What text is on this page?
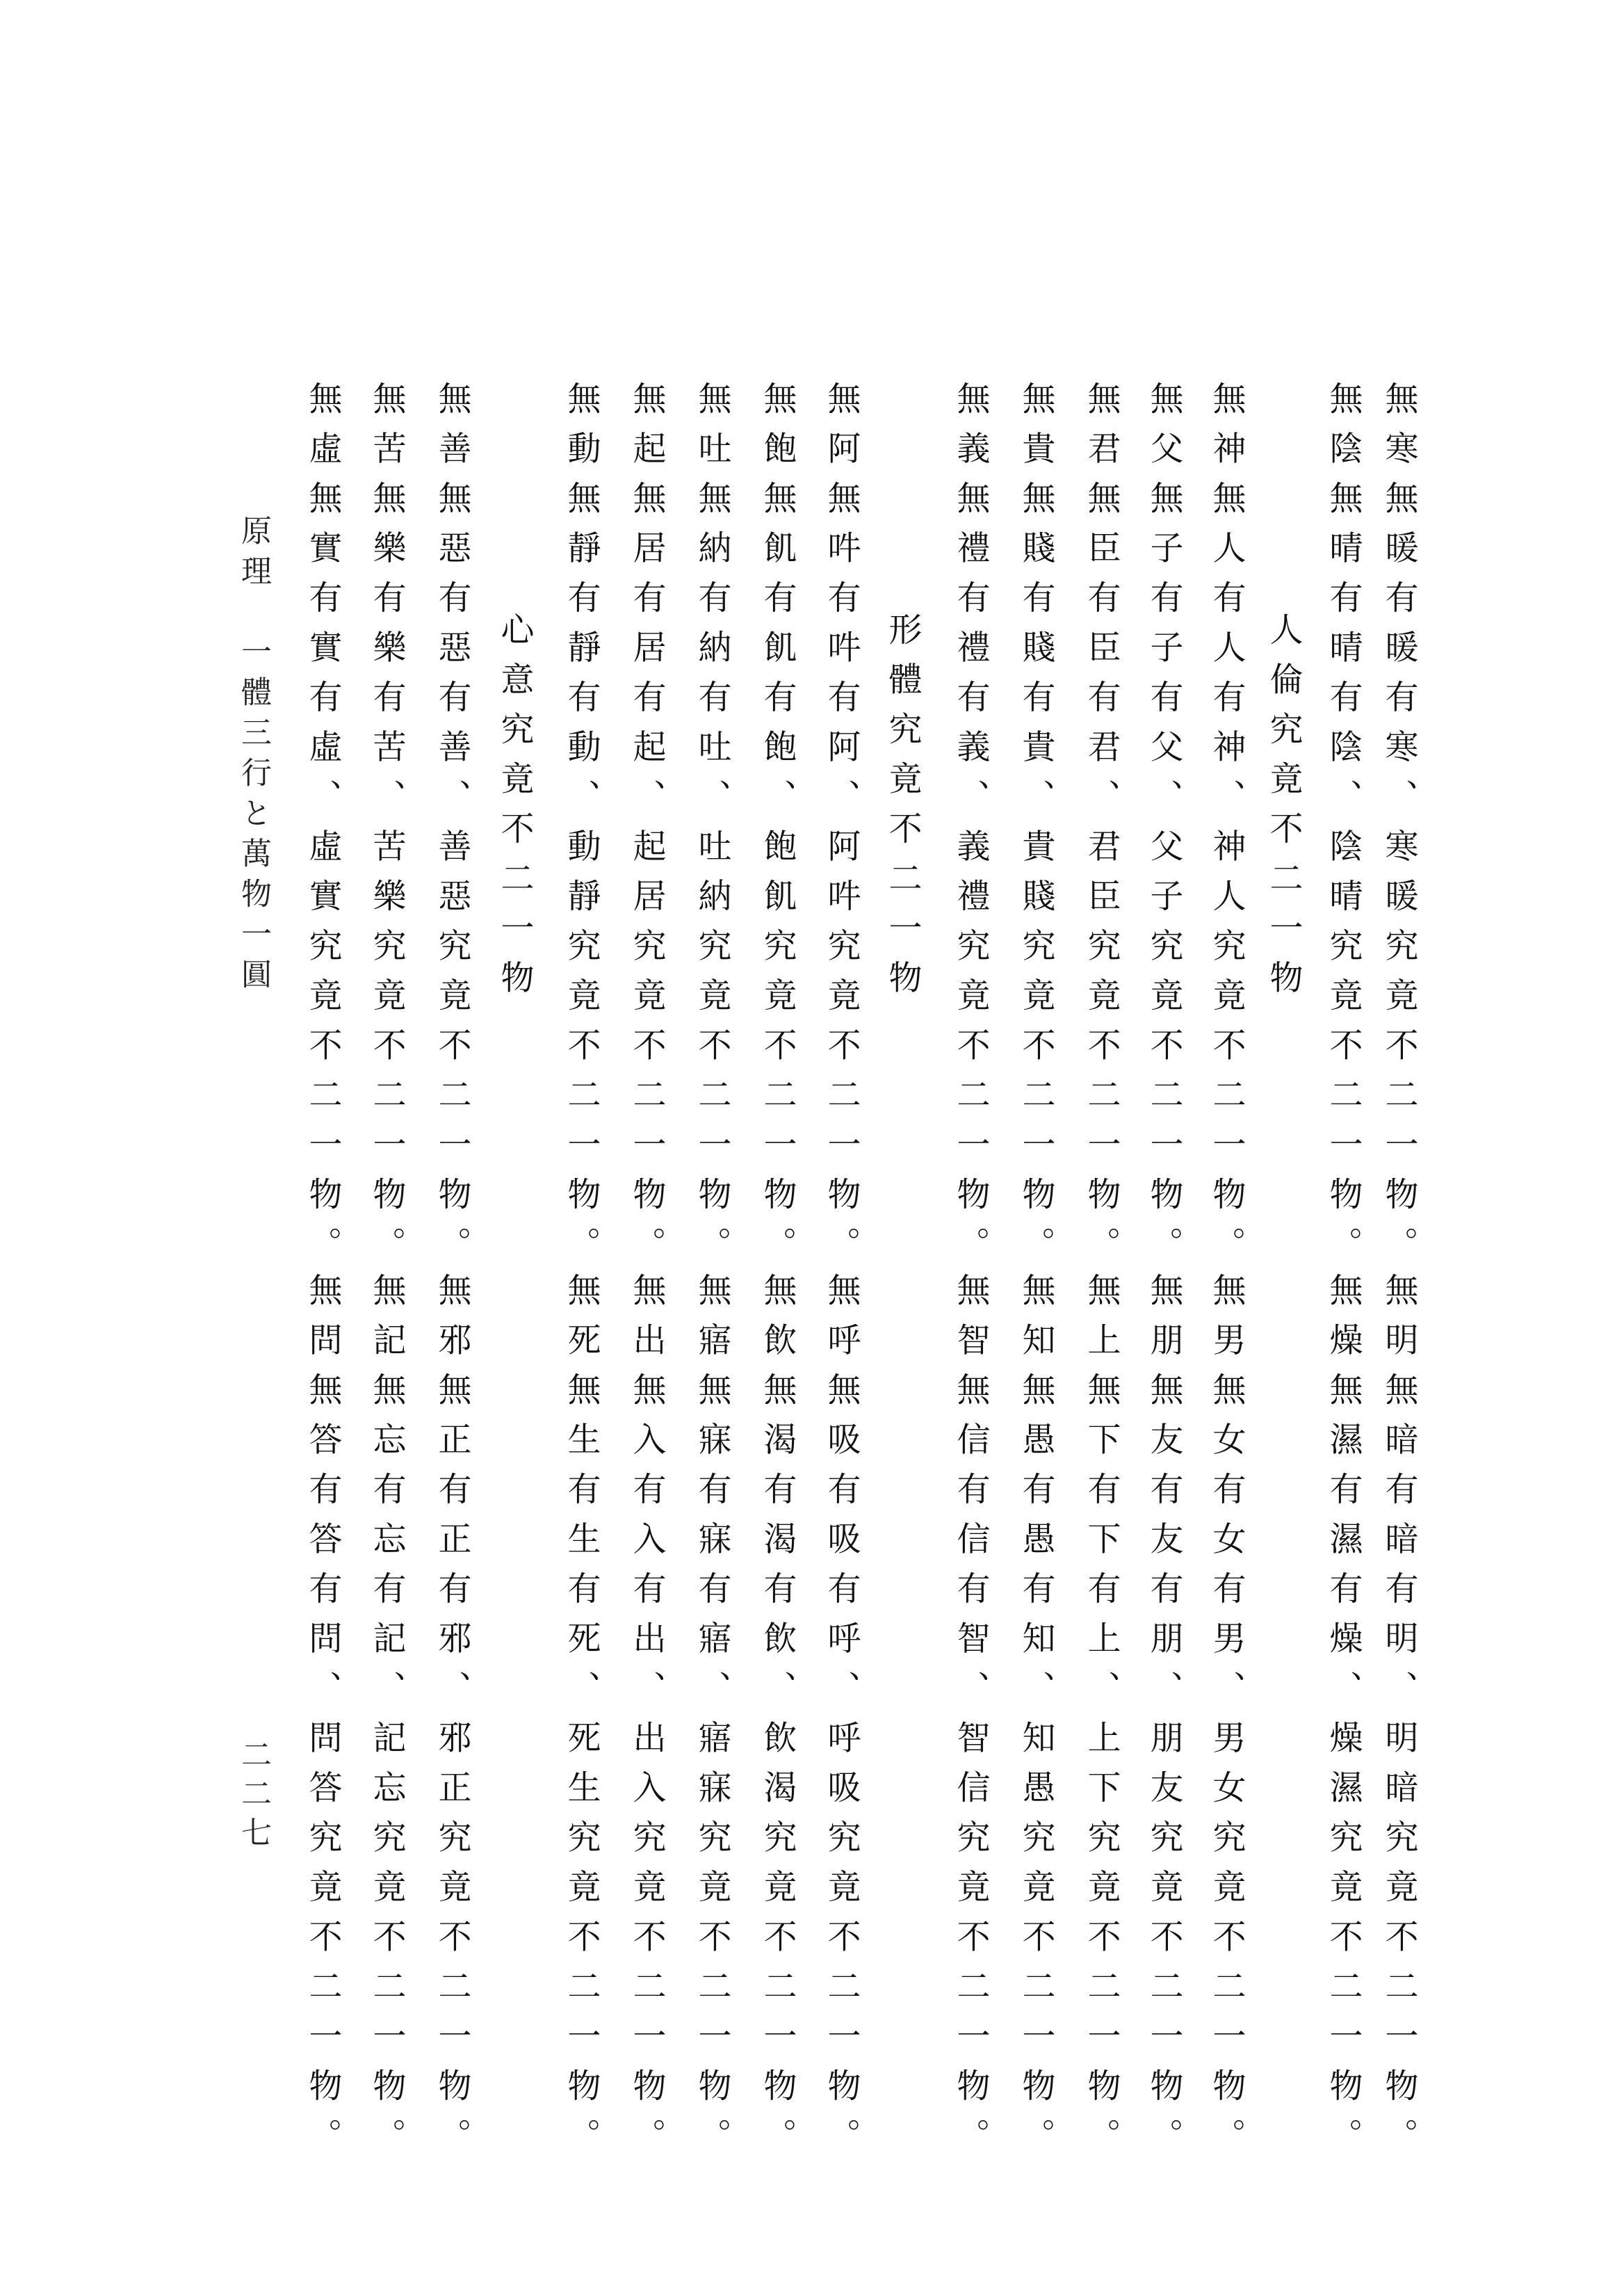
無寒無暖有暖有寒、寒暖究竟不二一物。
無陰無晴有晴有陰、陰晴究竟不二一物。
人倫究竟不二一物
無神無人有人有神、神人究竟不二一物。
無父無子有子有父、父子究竟不二一物。
無君無臣有臣有君、君臣究竟不二一物。
無貴無賤有賤有貴、貴賤究竟不二一物。
無義無禮有禮有義、義禮究竟不二一物。
形體究竟不二一物
無阿無吽有吽有阿、阿吽究竟不二一物。
無飽無飢有飢有飽、飽飢究竟不二一物。
無吐無納有納有吐、吐納究竟不二一物。
無起無居有居有起、起居究竟不二一物。
無動無靜有靜有動、動靜究竟不二一物。
心意究竟不二一物
無善無惡有惡有善、善惡究竟不二一物。
無苦無樂有樂有苦、苦樂究竟不二一物。
無虛無實有實有虛、虛實究竟不二一物。
無明無暗有暗有明、明暗究竟不二一物。
無燥無濕有濕有燥、燥濕究竟不二一物。
無男無女有女有男、男女究竟不二一物。
無朋無友有友有朋、朋友究竟不二一物。
無上無下有下有上、上下究竟不二一物。
無知無愚有愚有知、知愚究竟不二一物。
無智無信有信有智、智信究竟不二一物。
無呼無吸有吸有呼、呼吸究竟不二一物。
無飲無渴有渴有飲、飲渴究竟不二一物。
無寤無寐有寐有寤、寤寐究竟不二一物。
無出無入有入有出、出入究竟不二一物。
無死無生有生有死、死生究竟不二一物。
無邪無正有正有邪、邪正究竟不二一物。
無記無忘有忘有記、記忘究竟不二一物。
無問無答有答有問、問答究竟不二一物。
原理　一體三行と萬物一圓
二二七
